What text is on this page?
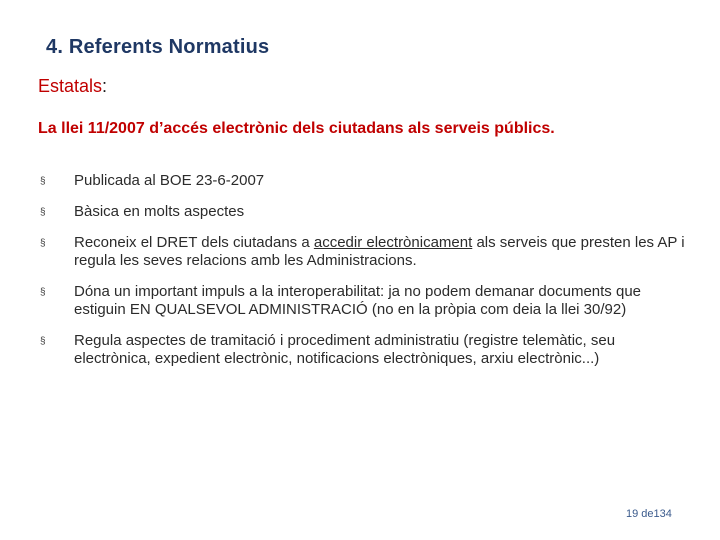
4. Referents Normatius
Estatals:
La llei 11/2007 d’accés electrònic dels ciutadans als serveis públics.
§ Publicada al BOE 23-6-2007
§ Bàsica en molts aspectes
§ Reconeix el DRET dels ciutadans a accedir electrònicament als serveis que presten les AP i regula les seves relacions amb les Administracions.
§ Dóna un important impuls a la interoperabilitat: ja no podem demanar documents que estiguin EN QUALSEVOL ADMINISTRACIÓ (no en la pròpia com deia la llei 30/92)
§ Regula aspectes de tramitació i procediment administratiu (registre telemàtic, seu electrònica, expedient electrònic, notificacions electròniques, arxiu electrònic...)
19 de134
